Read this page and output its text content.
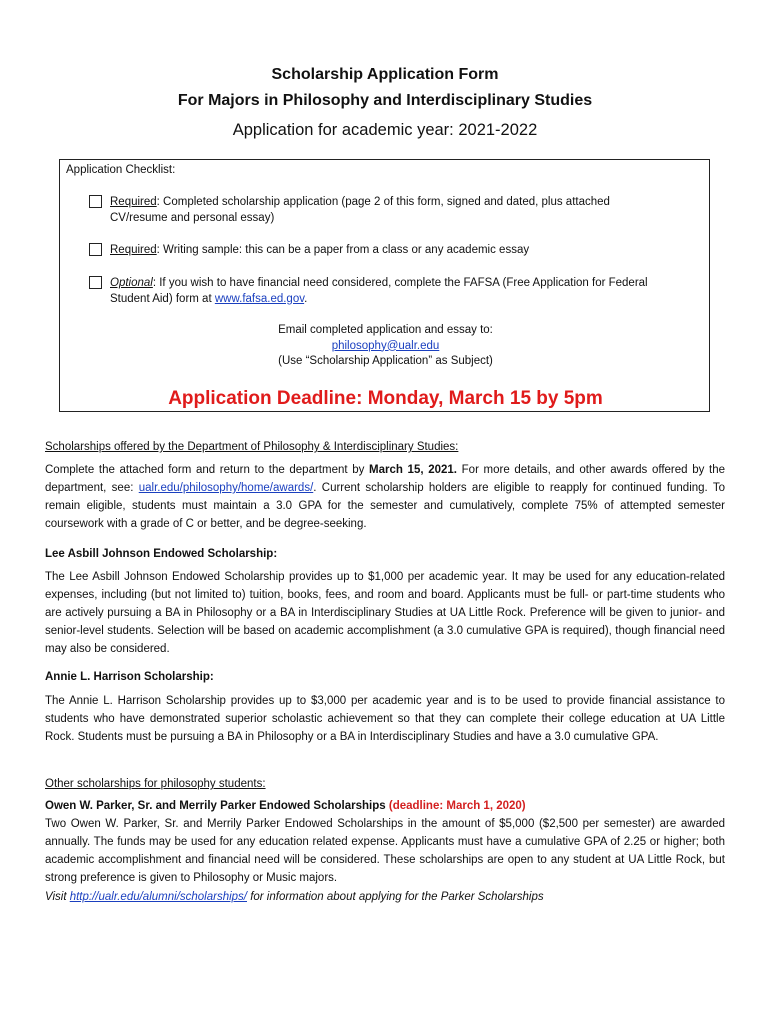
Scholarship Application Form
For Majors in Philosophy and Interdisciplinary Studies
Application for academic year: 2021-2022
Application Checklist:
Required: Completed scholarship application (page 2 of this form, signed and dated, plus attached
CV/resume and personal essay)
Required: Writing sample: this can be a paper from a class or any academic essay
Optional: If you wish to have financial need considered, complete the FAFSA (Free Application for Federal
Student Aid) form at www.fafsa.ed.gov.
Email completed application and essay to:
philosophy@ualr.edu
(Use “Scholarship Application” as Subject)
Application Deadline: Monday, March 15 by 5pm
Scholarships offered by the Department of Philosophy & Interdisciplinary Studies:
Complete the attached form and return to the department by March 15, 2021. For more details, and other awards offered by the department, see: ualr.edu/philosophy/home/awards/. Current scholarship holders are eligible to reapply for continued funding. To remain eligible, students must maintain a 3.0 GPA for the semester and cumulatively, complete 75% of attempted semester coursework with a grade of C or better, and be degree-seeking.
Lee Asbill Johnson Endowed Scholarship:
The Lee Asbill Johnson Endowed Scholarship provides up to $1,000 per academic year. It may be used for any education-related expenses, including (but not limited to) tuition, books, fees, and room and board. Applicants must be full- or part-time students who are actively pursuing a BA in Philosophy or a BA in Interdisciplinary Studies at UA Little Rock. Preference will be given to junior- and senior-level students. Selection will be based on academic accomplishment (a 3.0 cumulative GPA is required), though financial need may also be considered.
Annie L. Harrison Scholarship:
The Annie L. Harrison Scholarship provides up to $3,000 per academic year and is to be used to provide financial assistance to students who have demonstrated superior scholastic achievement so that they can complete their college education at UA Little Rock. Students must be pursuing a BA in Philosophy or a BA in Interdisciplinary Studies and have a 3.0 cumulative GPA.
Other scholarships for philosophy students:
Owen W. Parker, Sr. and Merrily Parker Endowed Scholarships (deadline: March 1, 2020)
Two Owen W. Parker, Sr. and Merrily Parker Endowed Scholarships in the amount of $5,000 ($2,500 per semester) are awarded annually. The funds may be used for any education related expense. Applicants must have a cumulative GPA of 2.25 or higher; both academic accomplishment and financial need will be considered. These scholarships are open to any student at UA Little Rock, but strong preference is given to Philosophy or Music majors.
Visit http://ualr.edu/alumni/scholarships/ for information about applying for the Parker Scholarships
